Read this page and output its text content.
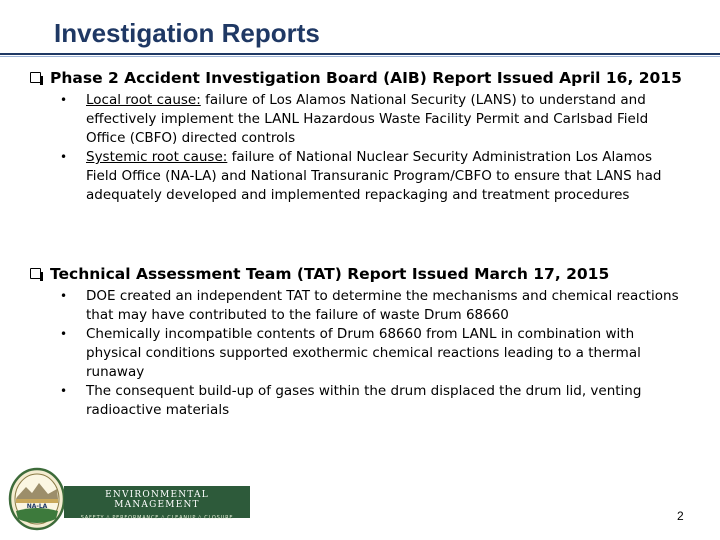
Investigation Reports
Phase 2 Accident Investigation Board (AIB) Report Issued April 16, 2015
• Local root cause: failure of Los Alamos National Security (LANS) to understand and effectively implement the LANL Hazardous Waste Facility Permit and Carlsbad Field Office (CBFO) directed controls
• Systemic root cause: failure of National Nuclear Security Administration Los Alamos Field Office (NA-LA) and National Transuranic Program/CBFO to ensure that LANS had adequately developed and implemented repackaging and treatment procedures
Technical Assessment Team (TAT) Report Issued March 17, 2015
• DOE created an independent TAT to determine the mechanisms and chemical reactions that may have contributed to the failure of waste Drum 68660
• Chemically incompatible contents of Drum 68660 from LANL in combination with physical conditions supported exothermic chemical reactions leading to a thermal runaway
• The consequent build-up of gases within the drum displaced the drum lid, venting radioactive materials
NA-LA
ENVIRONMENTAL MANAGEMENT
SAFETY ◊ PERFORMANCE ◊ CLEANUP ◊ CLOSURE	2
